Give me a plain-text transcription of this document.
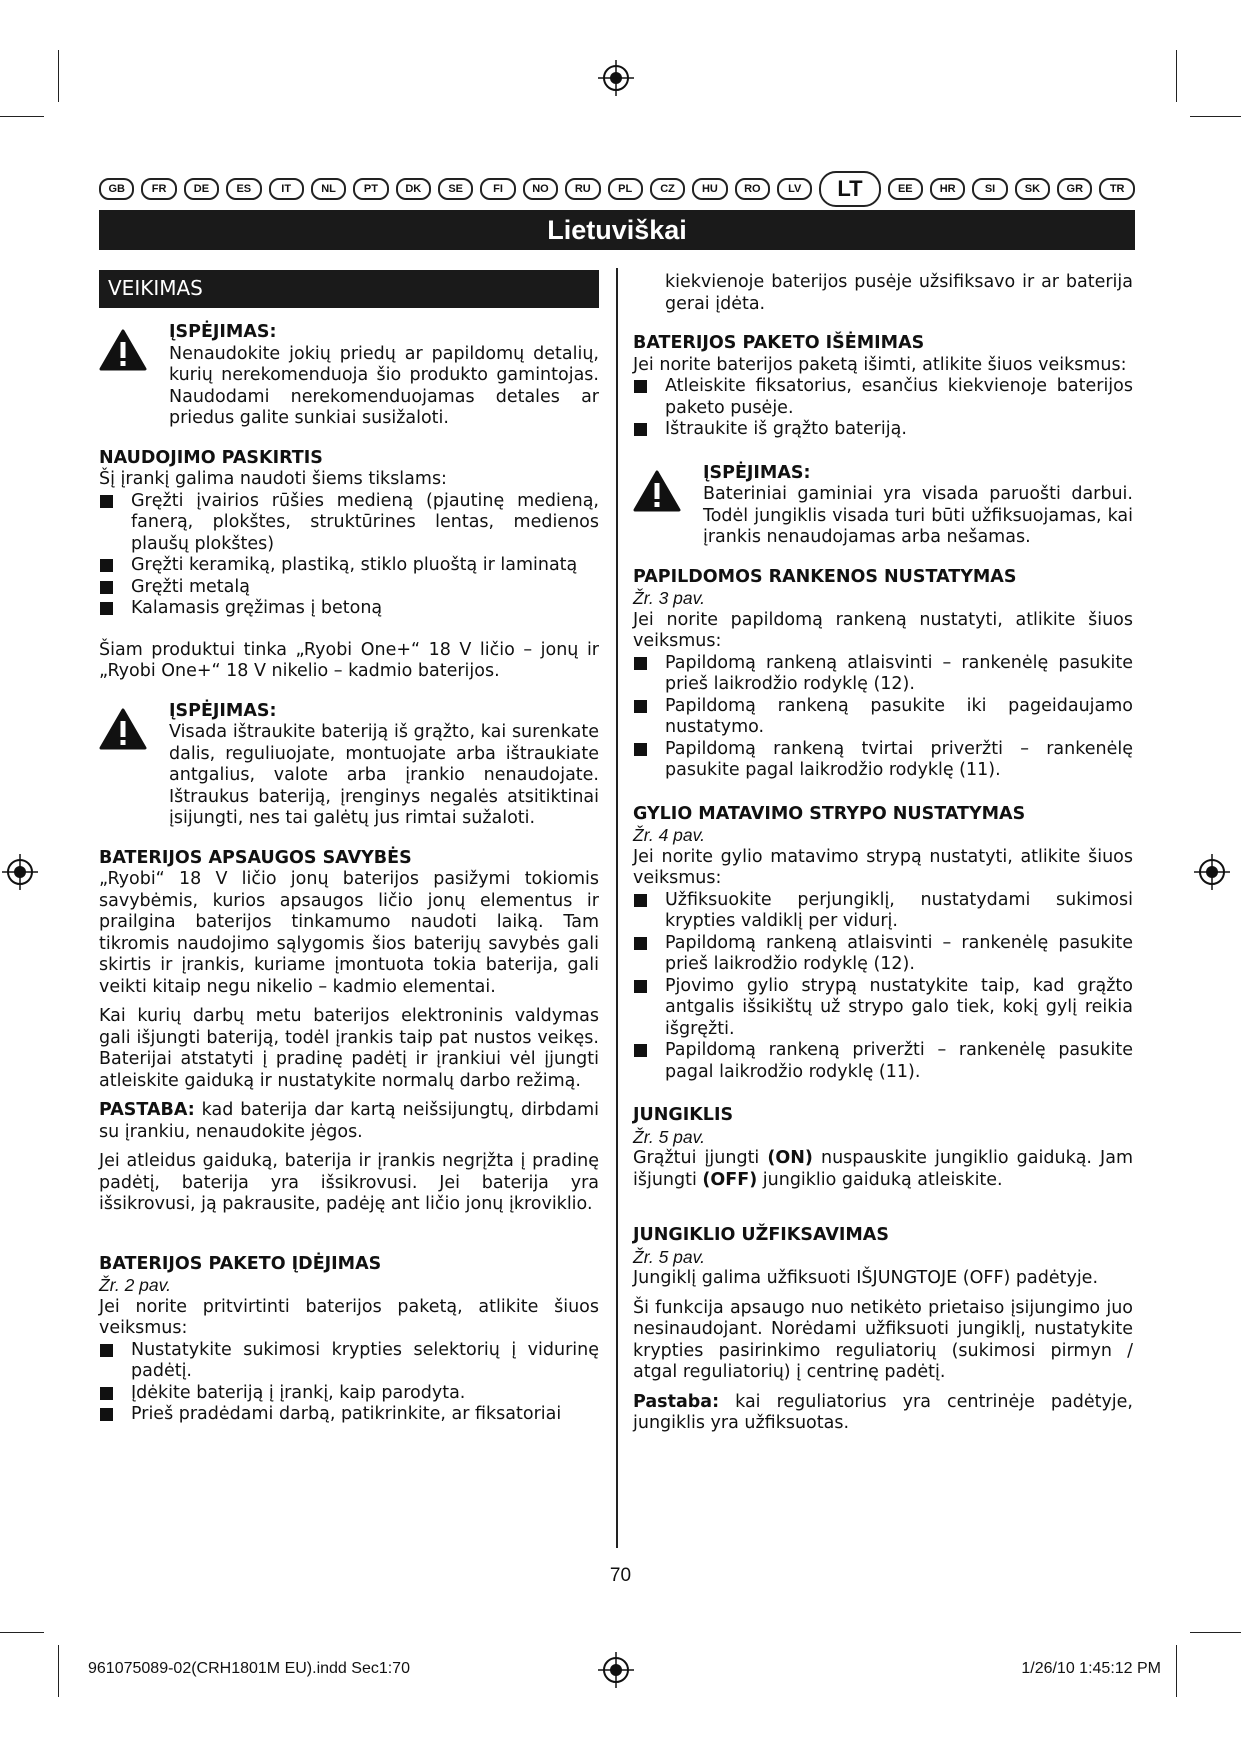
GB	FR	DE	ES	IT	NL	PT	DK	SE	FI	NO	RU	PL	CZ	HU	RO	LV	LT	EE	HR	SI	SK	GR	TR
Lietuviškai
VEIKIMAS
ĮSPĖJIMAS:

Nenaudokite jokių priedų ar papildomų detalių, kurių nerekomenduoja šio produkto gamintojas. Naudodami nerekomenduojamas detales ar priedus galite sunkiai susižaloti.

NAUDOJIMO PASKIRTIS

Šį įrankį galima naudoti šiems tikslams:

Gręžti įvairios rūšies medieną (pjautinę medieną, fanerą, plokštes, struktūrines lentas, medienos plaušų plokštes)
Gręžti keramiką, plastiką, stiklo pluoštą ir laminatą
Gręžti metalą
Kalamasis gręžimas į betoną

Šiam produktui tinka „Ryobi One+“ 18 V ličio – jonų ir „Ryobi One+“ 18 V nikelio – kadmio baterijos.

ĮSPĖJIMAS:

Visada ištraukite bateriją iš grąžto, kai surenkate dalis, reguliuojate, montuojate arba ištraukiate antgalius, valote arba įrankio nenaudojate. Ištraukus bateriją, įrenginys negalės atsitiktinai įsijungti, nes tai galėtų jus rimtai sužaloti.

BATERIJOS APSAUGOS SAVYBĖS

„Ryobi“ 18 V ličio jonų baterijos pasižymi tokiomis savybėmis, kurios apsaugos ličio jonų elementus ir prailgina baterijos tinkamumo naudoti laiką. Tam tikromis naudojimo sąlygomis šios baterijų savybės gali skirtis ir įrankis, kuriame įmontuota tokia baterija, gali veikti kitaip negu nikelio – kadmio elementai.

Kai kurių darbų metu baterijos elektroninis valdymas gali išjungti bateriją, todėl įrankis taip pat nustos veikęs. Baterijai atstatyti į pradinę padėtį ir įrankiui vėl įjungti atleiskite gaiduką ir nustatykite normalų darbo režimą.

PASTABA: kad baterija dar kartą neišsijungtų, dirbdami su įrankiu, nenaudokite jėgos.

Jei atleidus gaiduką, baterija ir įrankis negrįžta į pradinę padėtį, baterija yra išsikrovusi. Jei baterija yra išsikrovusi, ją pakrausite, padėję ant ličio jonų įkroviklio.

BATERIJOS PAKETO ĮDĖJIMAS
Žr. 2 pav.

Jei norite pritvirtinti baterijos paketą, atlikite šiuos veiksmus:

Nustatykite sukimosi krypties selektorių į vidurinę padėtį.
Įdėkite bateriją į įrankį, kaip parodyta.
Prieš pradėdami darbą, patikrinkite, ar fiksatoriai

kiekvienoje baterijos pusėje užsifiksavo ir ar baterija gerai įdėta.

BATERIJOS PAKETO IŠĖMIMAS

Jei norite baterijos paketą išimti, atlikite šiuos veiksmus:

Atleiskite fiksatorius, esančius kiekvienoje baterijos paketo pusėje.
Ištraukite iš grąžto bateriją.
ĮSPĖJIMAS:

Bateriniai gaminiai yra visada paruošti darbui. Todėl jungiklis visada turi būti užfiksuojamas, kai įrankis nenaudojamas arba nešamas.

PAPILDOMOS RANKENOS NUSTATYMAS
Žr. 3 pav.

Jei norite papildomą rankeną nustatyti, atlikite šiuos veiksmus:

Papildomą rankeną atlaisvinti – rankenėlę pasukite prieš laikrodžio rodyklę (12).
Papildomą rankeną pasukite iki pageidaujamo nustatymo.
Papildomą rankeną tvirtai priveržti – rankenėlę pasukite pagal laikrodžio rodyklę (11).
GYLIO MATAVIMO STRYPO NUSTATYMAS
Žr. 4 pav.

Jei norite gylio matavimo strypą nustatyti, atlikite šiuos veiksmus:

Užfiksuokite perjungiklį, nustatydami sukimosi krypties valdiklį per vidurį.
Papildomą rankeną atlaisvinti – rankenėlę pasukite prieš laikrodžio rodyklę (12).
Pjovimo gylio strypą nustatykite taip, kad grąžto antgalis išsikištų už strypo galo tiek, kokį gylį reikia išgręžti.
Papildomą rankeną priveržti – rankenėlę pasukite pagal laikrodžio rodyklę (11).
JUNGIKLIS
Žr. 5 pav.

Grąžtui įjungti (ON) nuspauskite jungiklio gaiduką. Jam išjungti (OFF) jungiklio gaiduką atleiskite.

JUNGIKLIO UŽFIKSAVIMAS
Žr. 5 pav.

Jungiklį galima užfiksuoti IŠJUNGTOJE (OFF) padėtyje.

Ši funkcija apsaugo nuo netikėto prietaiso įsijungimo juo nesinaudojant. Norėdami užfiksuoti jungiklį, nustatykite krypties pasirinkimo reguliatorių (sukimosi pirmyn / atgal reguliatorių) į centrinę padėtį.

Pastaba: kai reguliatorius yra centrinėje padėtyje, jungiklis yra užfiksuotas.

70
961075089-02(CRH1801M EU).indd Sec1:70	1/26/10 1:45:12 PM
